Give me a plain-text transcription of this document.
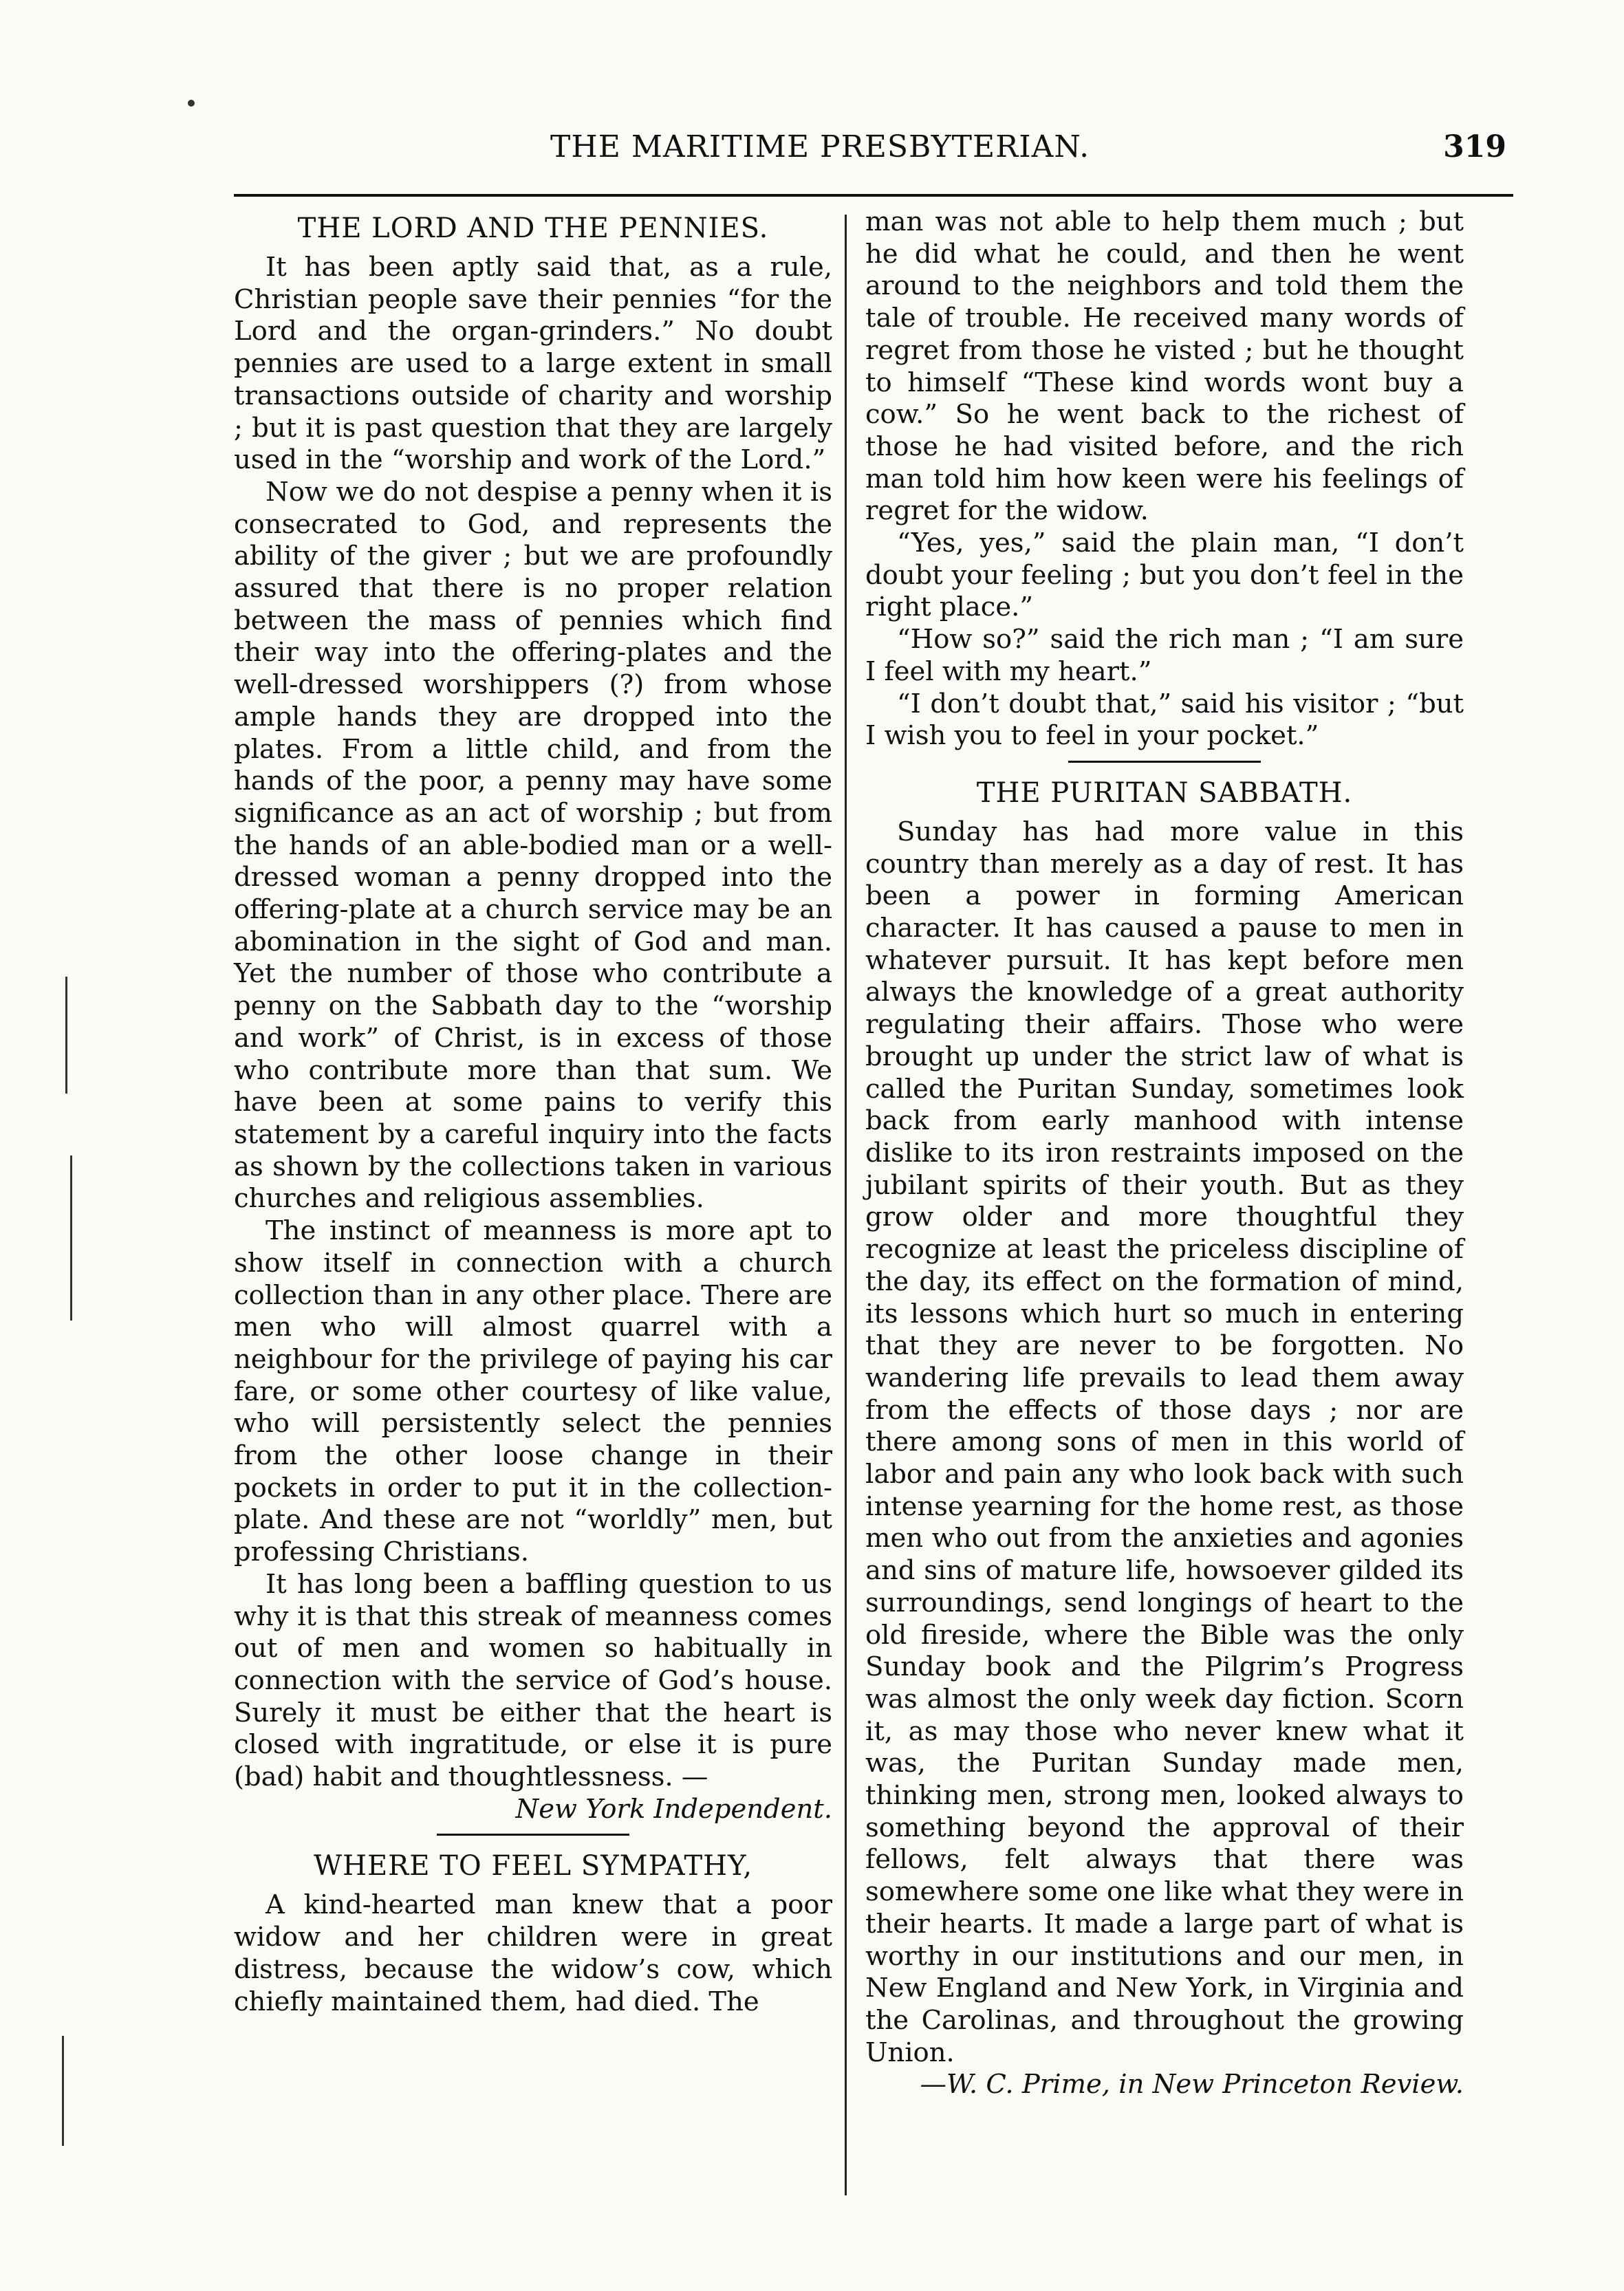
THE MARITIME PRESBYTERIAN.	319
THE LORD AND THE PENNIES.

It has been aptly said that, as a rule, Christian people save their pennies “for the Lord and the organ-grinders.” No doubt pennies are used to a large extent in small transactions outside of charity and worship ; but it is past question that they are largely used in the “worship and work of the Lord.”

Now we do not despise a penny when it is consecrated to God, and represents the ability of the giver ; but we are profoundly assured that there is no proper relation between the mass of pennies which find their way into the offering-plates and the well-dressed worshippers (?) from whose ample hands they are dropped into the plates. From a little child, and from the hands of the poor, a penny may have some significance as an act of worship ; but from the hands of an able-bodied man or a well-dressed woman a penny dropped into the offering-plate at a church service may be an abomination in the sight of God and man. Yet the number of those who contribute a penny on the Sabbath day to the “worship and work” of Christ, is in excess of those who contribute more than that sum. We have been at some pains to verify this statement by a careful inquiry into the facts as shown by the collections taken in various churches and religious assemblies.

The instinct of meanness is more apt to show itself in connection with a church collection than in any other place. There are men who will almost quarrel with a neighbour for the privilege of paying his car fare, or some other courtesy of like value, who will persistently select the pennies from the other loose change in their pockets in order to put it in the collection-plate. And these are not “worldly” men, but professing Christians.

It has long been a baffling question to us why it is that this streak of meanness comes out of men and women so habitually in connection with the service of God’s house. Surely it must be either that the heart is closed with ingratitude, or else it is pure (bad) habit and thoughtlessness. —

New York Independent.
WHERE TO FEEL SYMPATHY,

A kind-hearted man knew that a poor widow and her children were in great distress, because the widow’s cow, which chiefly maintained them, had died. The

man was not able to help them much ; but he did what he could, and then he went around to the neighbors and told them the tale of trouble. He received many words of regret from those he visted ; but he thought to himself “These kind words wont buy a cow.” So he went back to the richest of those he had visited before, and the rich man told him how keen were his feelings of regret for the widow.

“Yes, yes,” said the plain man, “I don’t doubt your feeling ; but you don’t feel in the right place.”

“How so?” said the rich man ; “I am sure I feel with my heart.”

“I don’t doubt that,” said his visitor ; “but I wish you to feel in your pocket.”

THE PURITAN SABBATH.

Sunday has had more value in this country than merely as a day of rest. It has been a power in forming American character. It has caused a pause to men in whatever pursuit. It has kept before men always the knowledge of a great authority regulating their affairs. Those who were brought up under the strict law of what is called the Puritan Sunday, sometimes look back from early manhood with intense dislike to its iron restraints imposed on the jubilant spirits of their youth. But as they grow older and more thoughtful they recognize at least the priceless discipline of the day, its effect on the formation of mind, its lessons which hurt so much in entering that they are never to be forgotten. No wandering life prevails to lead them away from the effects of those days ; nor are there among sons of men in this world of labor and pain any who look back with such intense yearning for the home rest, as those men who out from the anxieties and agonies and sins of mature life, howsoever gilded its surroundings, send longings of heart to the old fireside, where the Bible was the only Sunday book and the Pilgrim’s Progress was almost the only week day fiction. Scorn it, as may those who never knew what it was, the Puritan Sunday made men, thinking men, strong men, looked always to something beyond the approval of their fellows, felt always that there was somewhere some one like what they were in their hearts. It made a large part of what is worthy in our institutions and our men, in New England and New York, in Virginia and the Carolinas, and throughout the growing Union.

—W. C. Prime, in New Princeton Review.
